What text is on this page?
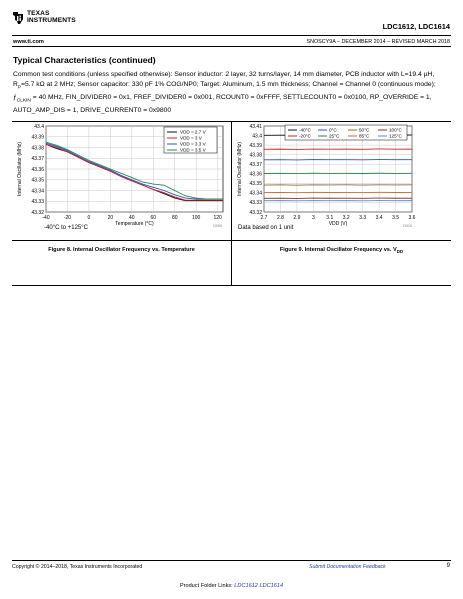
TEXAS
INSTRUMENTS
LDC1612, LDC1614
www.ti.com	SNOSCY9A – DECEMBER 2014 – REVISED MARCH 2018
Typical Characteristics (continued)
Common test conditions (unless specified otherwise): Sensor inductor: 2 layer, 32 turns/layer, 14 mm diameter, PCB inductor with L=19.4 µH, $R_P=5.7$ kΩ at 2 MHz; Sensor capacitor: 330 pF 1% COG/NP0; Target: Aluminum, 1.5 mm thickness; Channel = Channel 0 (continuous mode); $ƒ_{CLKIN} = 40$ MHz, FIN_DIVIDER0 = 0x1, FREF_DIVIDER0 = 0x001, RCOUNT0 = 0xFFFF, SETTLECOUNT0 = 0x0100, RP_OVERRIDE = 1, AUTO_AMP_DIS = 1, DRIVE_CURRENT0 = 0x9800
-40	-20	0	20	40	60	80	100	120
43.32
43.33
43.34
43.35
43.36
43.37
43.38
43.39
43.4
Temperature (°C)
Internal Oscillator (MHz)
VDD = 2.7 V
VDD = 3 V
VDD = 3.3 V
VDD = 3.5 V
D009
2.7 2.8 2.9 3 3.1 3.2 3.3 3.4 3.5 3.6
43.32
43.33
43.34
43.35
43.36
43.37
43.38
43.39
43.4
43.41
VDD (V)
Internal Oscillator (MHz)
-40°C	0°C	50°C	100°C
-20°C	25°C	85°C	125°C
D010
-40°C to +125°C	Data based on 1 unit
Figure 8. Internal Oscillator Frequency vs. Temperature	Figure 9. Internal Oscillator Frequency vs. $V_{DD}$
Copyright © 2014–2018, Texas Instruments Incorporated	Submit Documentation Feedback	9
Product Folder Links: LDC1612 LDC1614
